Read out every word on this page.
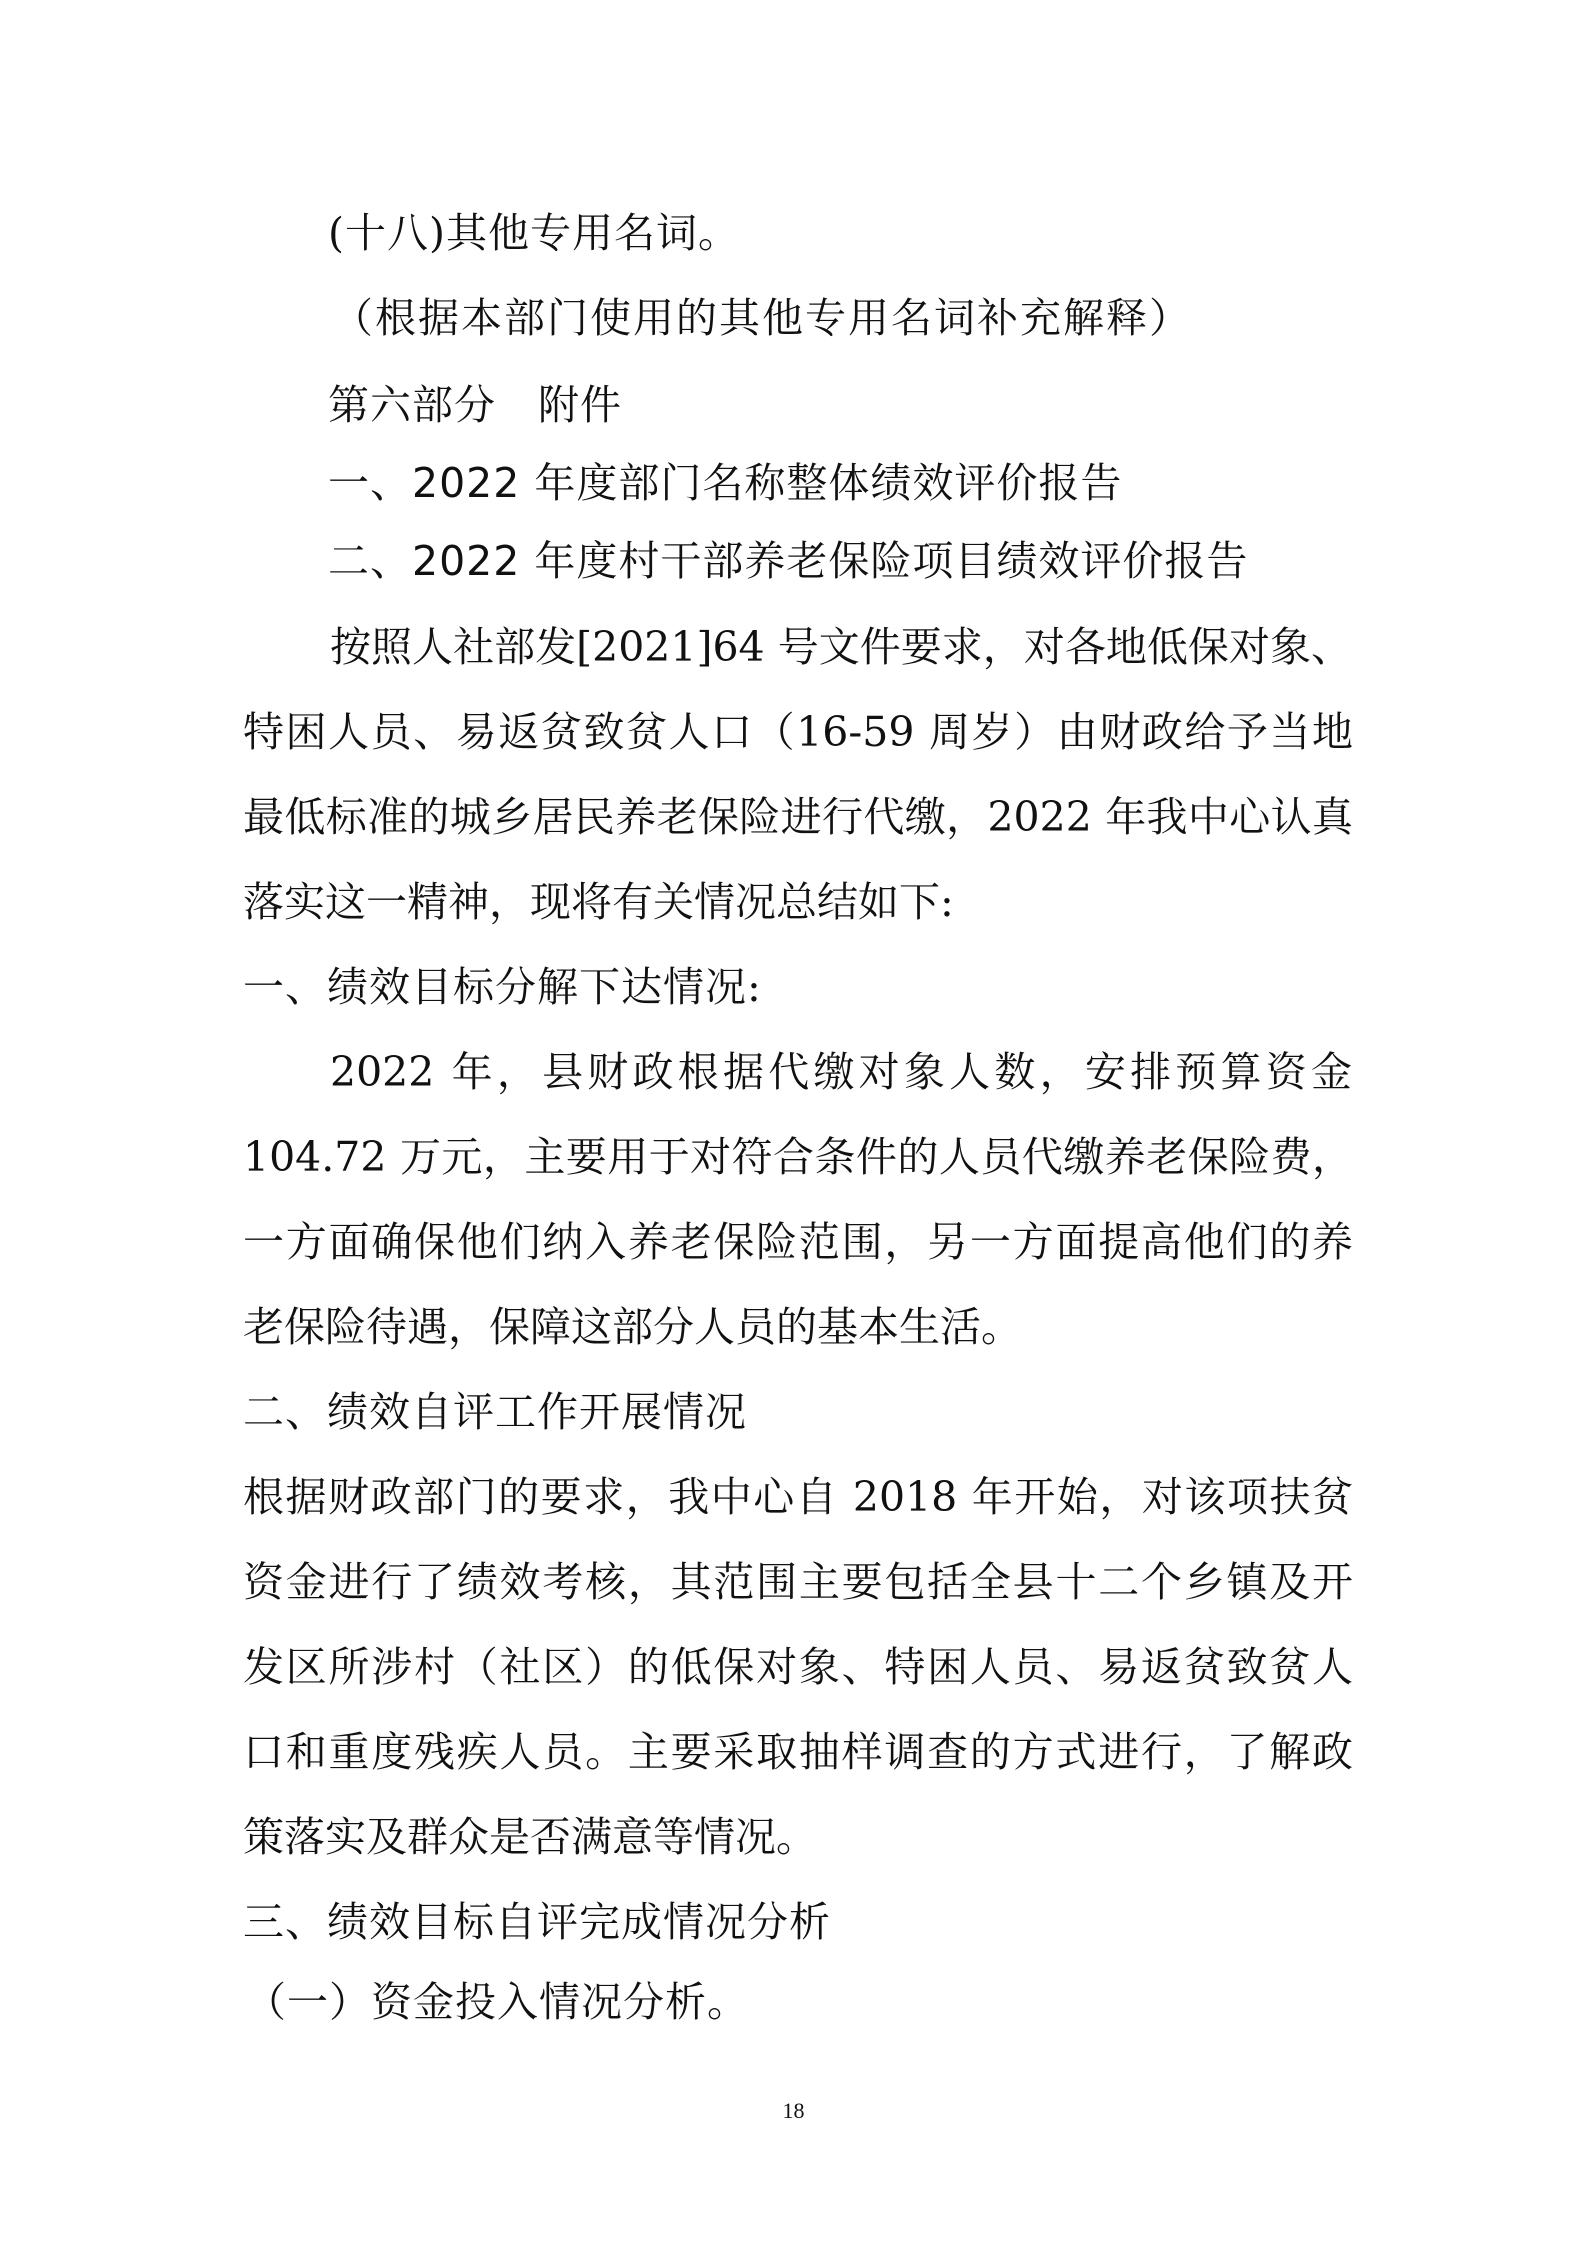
(十八)其他专用名词。
（根据本部门使用的其他专用名词补充解释）
第六部分　附件
一、2022 年度部门名称整体绩效评价报告
二、2022 年度村干部养老保险项目绩效评价报告
按照人社部发[2021]64 号文件要求，对各地低保对象、
特困人员、易返贫致贫人口（16-59 周岁）由财政给予当地
最低标准的城乡居民养老保险进行代缴，2022 年我中心认真
落实这一精神，现将有关情况总结如下:
一、绩效目标分解下达情况:
2022 年，县财政根据代缴对象人数，安排预算资金
104.72 万元，主要用于对符合条件的人员代缴养老保险费，
一方面确保他们纳入养老保险范围，另一方面提高他们的养
老保险待遇，保障这部分人员的基本生活。
二、绩效自评工作开展情况
根据财政部门的要求，我中心自 2018 年开始，对该项扶贫
资金进行了绩效考核，其范围主要包括全县十二个乡镇及开
发区所涉村（社区）的低保对象、特困人员、易返贫致贫人
口和重度残疾人员。主要采取抽样调查的方式进行，了解政
策落实及群众是否满意等情况。
三、绩效目标自评完成情况分析
（一）资金投入情况分析。
18
